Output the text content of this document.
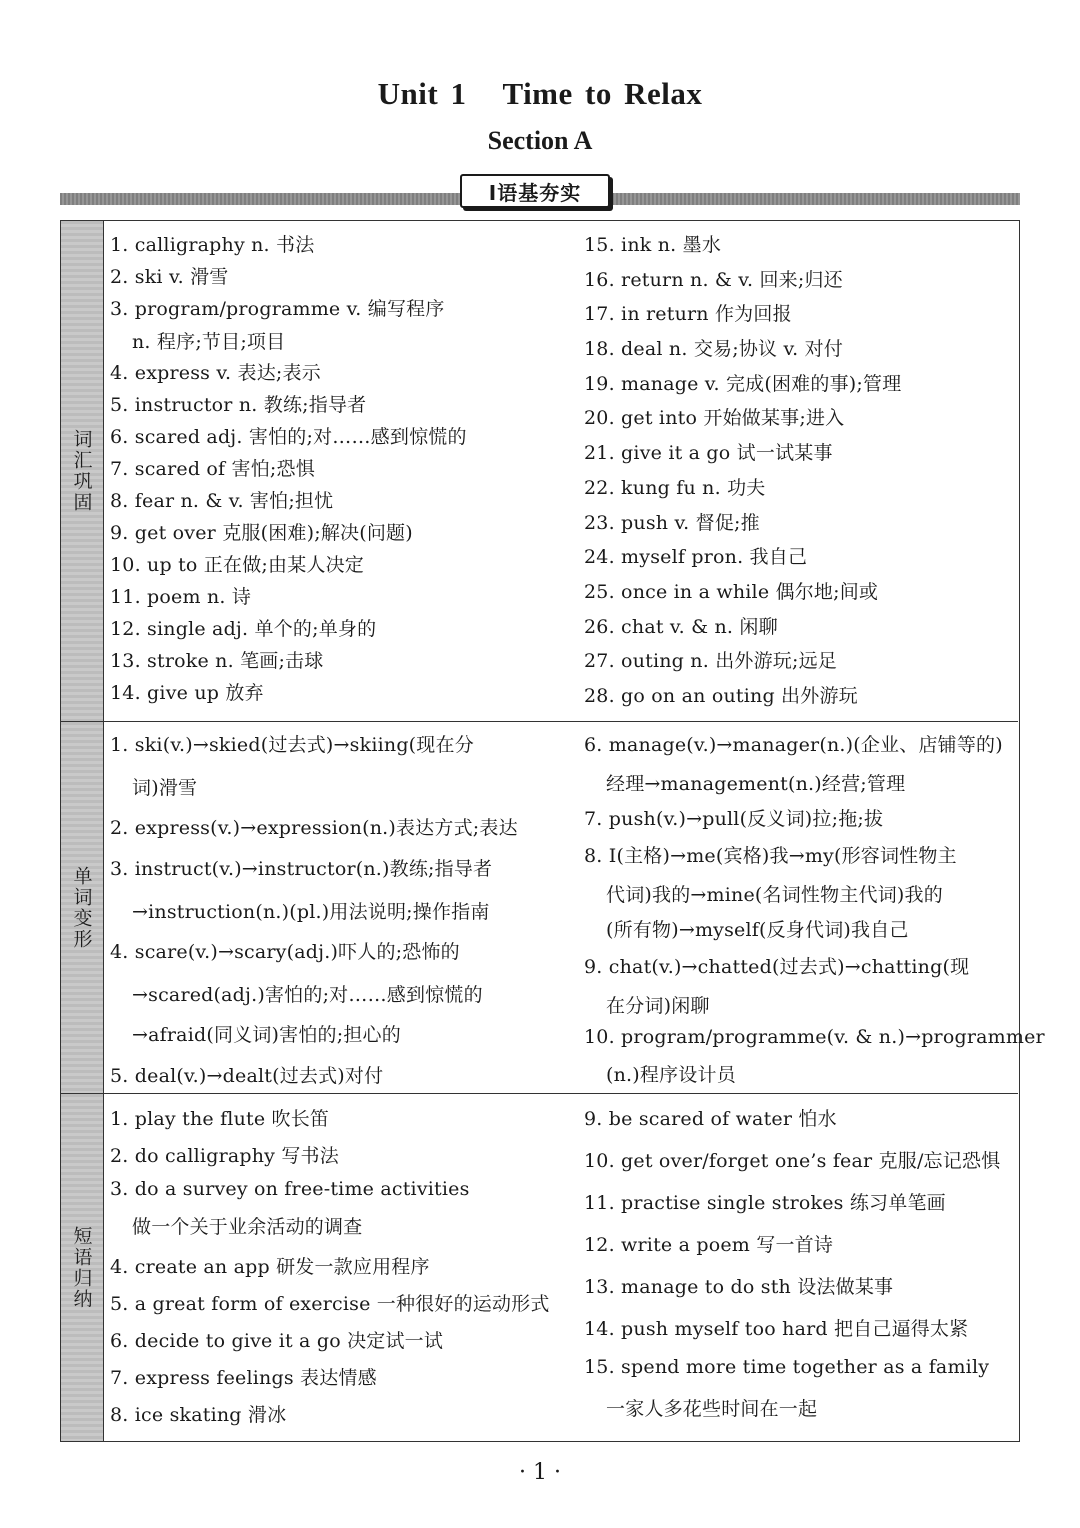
Unit 1 Time to Relax
Section A
Ⅰ语基夯实
词汇巩固
1. calligraphy n. 书法
2. ski v. 滑雪
3. program/programme v. 编写程序
n. 程序;节目;项目
4. express v. 表达;表示
5. instructor n. 教练;指导者
6. scared adj. 害怕的;对……感到惊慌的
7. scared of 害怕;恐惧
8. fear n. & v. 害怕;担忧
9. get over 克服(困难);解决(问题)
10. up to 正在做;由某人决定
11. poem n. 诗
12. single adj. 单个的;单身的
13. stroke n. 笔画;击球
14. give up 放弃
15. ink n. 墨水
16. return n. & v. 回来;归还
17. in return 作为回报
18. deal n. 交易;协议 v. 对付
19. manage v. 完成(困难的事);管理
20. get into 开始做某事;进入
21. give it a go 试一试某事
22. kung fu n. 功夫
23. push v. 督促;推
24. myself pron. 我自己
25. once in a while 偶尔地;间或
26. chat v. & n. 闲聊
27. outing n. 出外游玩;远足
28. go on an outing 出外游玩
单词变形
1. ski(v.)→skied(过去式)→skiing(现在分
词)滑雪
2. express(v.)→expression(n.)表达方式;表达
3. instruct(v.)→instructor(n.)教练;指导者
→instruction(n.)(pl.)用法说明;操作指南
4. scare(v.)→scary(adj.)吓人的;恐怖的
→scared(adj.)害怕的;对……感到惊慌的
→afraid(同义词)害怕的;担心的
5. deal(v.)→dealt(过去式)对付
6. manage(v.)→manager(n.)(企业、店铺等的)
经理→management(n.)经营;管理
7. push(v.)→pull(反义词)拉;拖;拔
8. I(主格)→me(宾格)我→my(形容词性物主
代词)我的→mine(名词性物主代词)我的
(所有物)→myself(反身代词)我自己
9. chat(v.)→chatted(过去式)→chatting(现
在分词)闲聊
10. program/programme(v. & n.)→programmer
(n.)程序设计员
短语归纳
1. play the flute 吹长笛
2. do calligraphy 写书法
3. do a survey on free-time activities
做一个关于业余活动的调查
4. create an app 研发一款应用程序
5. a great form of exercise 一种很好的运动形式
6. decide to give it a go 决定试一试
7. express feelings 表达情感
8. ice skating 滑冰
9. be scared of water 怕水
10. get over/forget one’s fear 克服/忘记恐惧
11. practise single strokes 练习单笔画
12. write a poem 写一首诗
13. manage to do sth 设法做某事
14. push myself too hard 把自己逼得太紧
15. spend more time together as a family
一家人多花些时间在一起
· 1 ·
